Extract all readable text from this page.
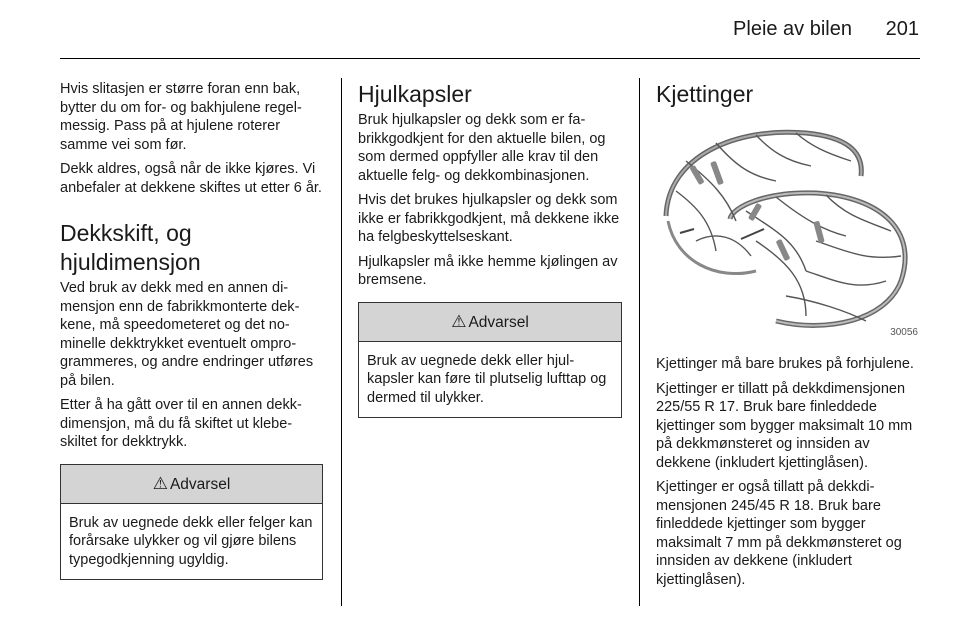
Pleie av bilen	201

Hvis slitasjen er større foran enn bak, bytter du om for- og bakhjulene regelmessig. Pass på at hjulene roterer samme vei som før.

Dekk aldres, også når de ikke kjøres. Vi anbefaler at dekkene skiftes ut etter 6 år.

Dekkskift, og
hjuldimensjon

Ved bruk av dekk med en annen dimensjon enn de fabrikkmonterte dekkene, må speedometeret og det nominelle dekktrykket eventuelt omprogrammeres, og andre endringer utføres på bilen.

Etter å ha gått over til en annen dekkdimensjon, må du få skiftet ut klebeskiltet for dekktrykk.

⚠ Advarsel
Bruk av uegnede dekk eller felger kan forårsake ulykker og vil gjøre bilens typegodkjenning ugyldig.
Hjulkapsler

Bruk hjulkapsler og dekk som er fabrikkgodkjent for den aktuelle bilen, og som dermed oppfyller alle krav til den aktuelle felg- og dekkombinasjonen.

Hvis det brukes hjulkapsler og dekk som ikke er fabrikkgodkjent, må dekkene ikke ha felgbeskyttelseskant.

Hjulkapsler må ikke hemme kjølingen av bremsene.

⚠ Advarsel
Bruk av uegnede dekk eller hjulkapsler kan føre til plutselig lufttap og dermed til ulykker.
Kjettinger
30056

Kjettinger må bare brukes på forhjulene.

Kjettinger er tillatt på dekkdimensjonen 225/55 R 17. Bruk bare finleddede kjettinger som bygger maksimalt 10 mm på dekkmønsteret og innsiden av dekkene (inkludert kjettinglåsen).

Kjettinger er også tillatt på dekkdimensjonen 245/45 R 18. Bruk bare finleddede kjettinger som bygger maksimalt 7 mm på dekkmønsteret og innsiden av dekkene (inkludert kjettinglåsen).
